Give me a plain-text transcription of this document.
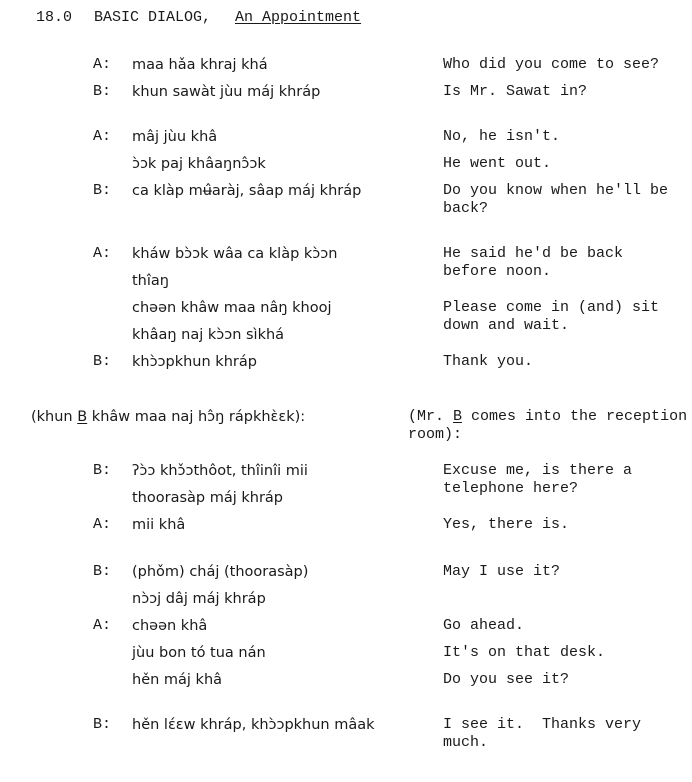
18.0 BASIC DIALOG, An Appointment
A: maa hǎa khraj khá	Who did you come to see?
B: khun sawàt jùu máj khráp	Is Mr. Sawat in?
A: mâj jùu khâ	No, he isn't.
ɔ̀ɔk paj khâaŋnɔ̂ɔk	He went out.
B: ca klàp mʉ̂aràj, sâap máj khráp	Do you know when he'll be back?
A: kháw bɔ̀ɔk wâa ca klàp kɔ̀ɔn	He said he'd be back before noon.
thîaŋ
chəən khâw maa nâŋ khooj	Please come in (and) sit down and wait.
khâaŋ naj kɔ̀ɔn sìkhá
B: khɔ̀ɔpkhun khráp	Thank you.
(khun B khâw maa naj hɔ̂ŋ rápkhɛ̀ɛk):	(Mr. B comes into the reception room):
B: ʔɔ̀ɔ khɔ̌ɔthôot, thîinîi mii	Excuse me, is there a telephone here?
thoorasàp máj khráp
A: mii khâ	Yes, there is.
B: (phǒm) cháj (thoorasàp)	May I use it?
nɔ̀ɔj dâj máj khráp
A: chəən khâ	Go ahead.
jùu bon tó tua nán	It's on that desk.
hěn máj khâ	Do you see it?
B: hěn lɛ́ɛw khráp, khɔ̀ɔpkhun mâak	I see it.  Thanks very much.
